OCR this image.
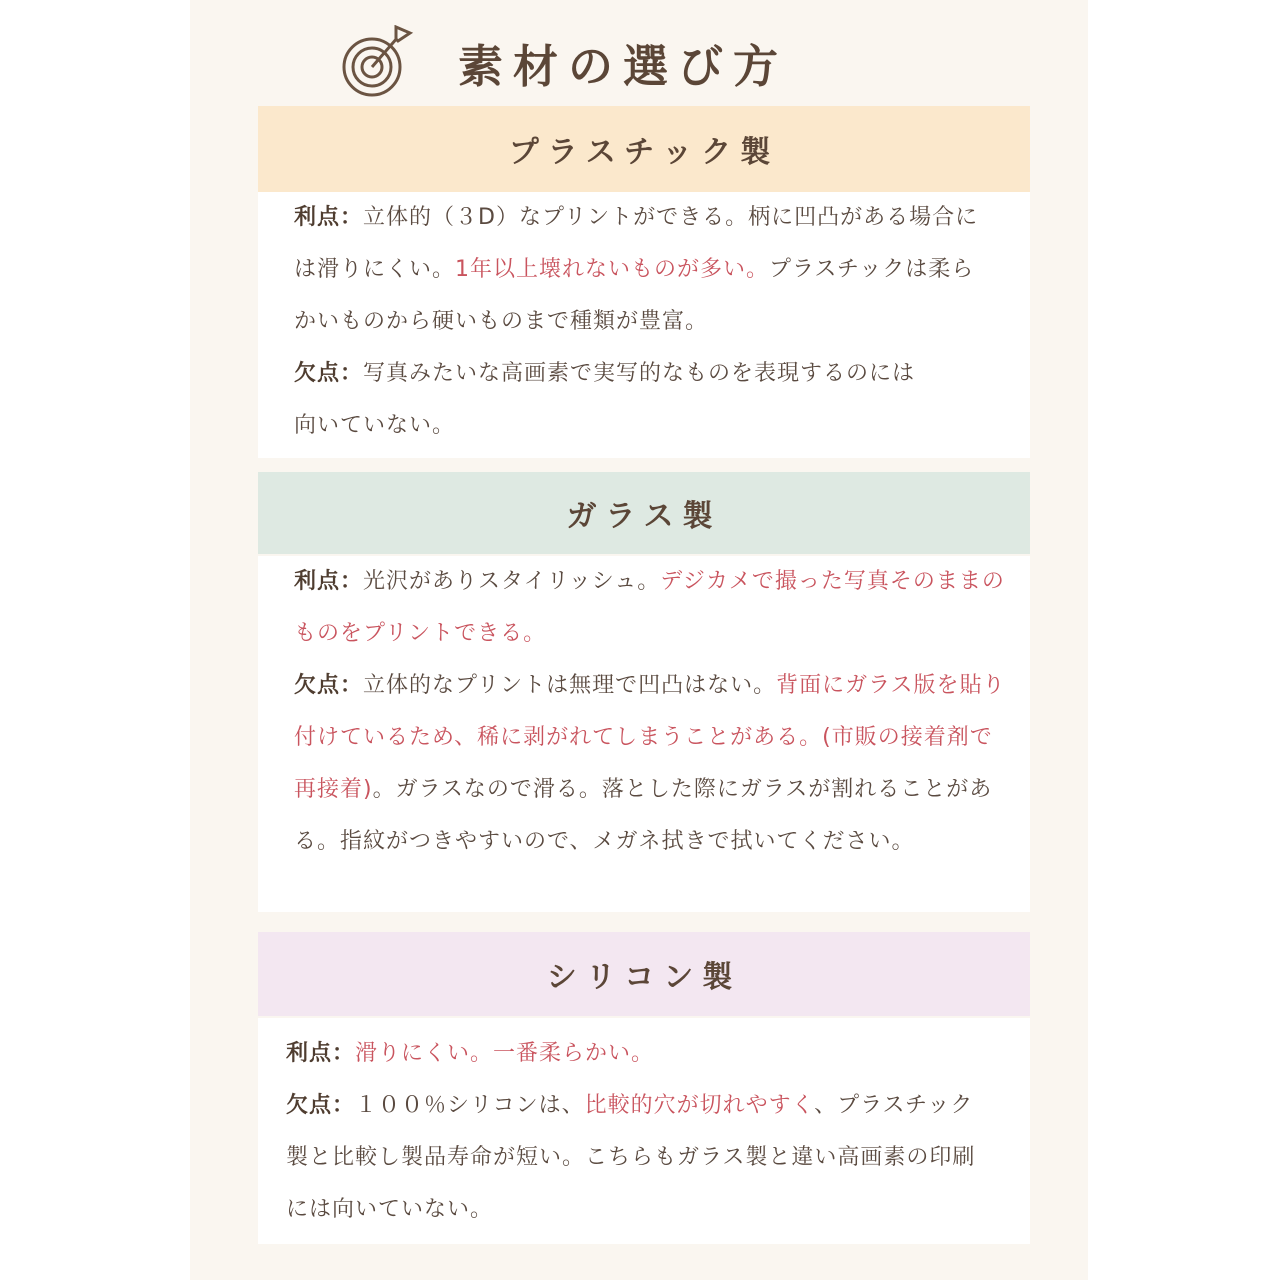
素材の選び方
プラスチック製
利点：立体的（３D）なプリントができる。柄に凹凸がある場合に
は滑りにくい。1年以上壊れないものが多い。プラスチックは柔ら
かいものから硬いものまで種類が豊富。
欠点：写真みたいな高画素で実写的なものを表現するのには
向いていない。
ガラス製
利点：光沢がありスタイリッシュ。デジカメで撮った写真そのままの
ものをプリントできる。
欠点：立体的なプリントは無理で凹凸はない。背面にガラス版を貼り
付けているため、稀に剥がれてしまうことがある。(市販の接着剤で
再接着)。ガラスなので滑る。落とした際にガラスが割れることがあ
る。指紋がつきやすいので、メガネ拭きで拭いてください。
シリコン製
利点：滑りにくい。一番柔らかい。
欠点：１００％シリコンは、比較的穴が切れやすく、プラスチック
製と比較し製品寿命が短い。こちらもガラス製と違い高画素の印刷
には向いていない。
